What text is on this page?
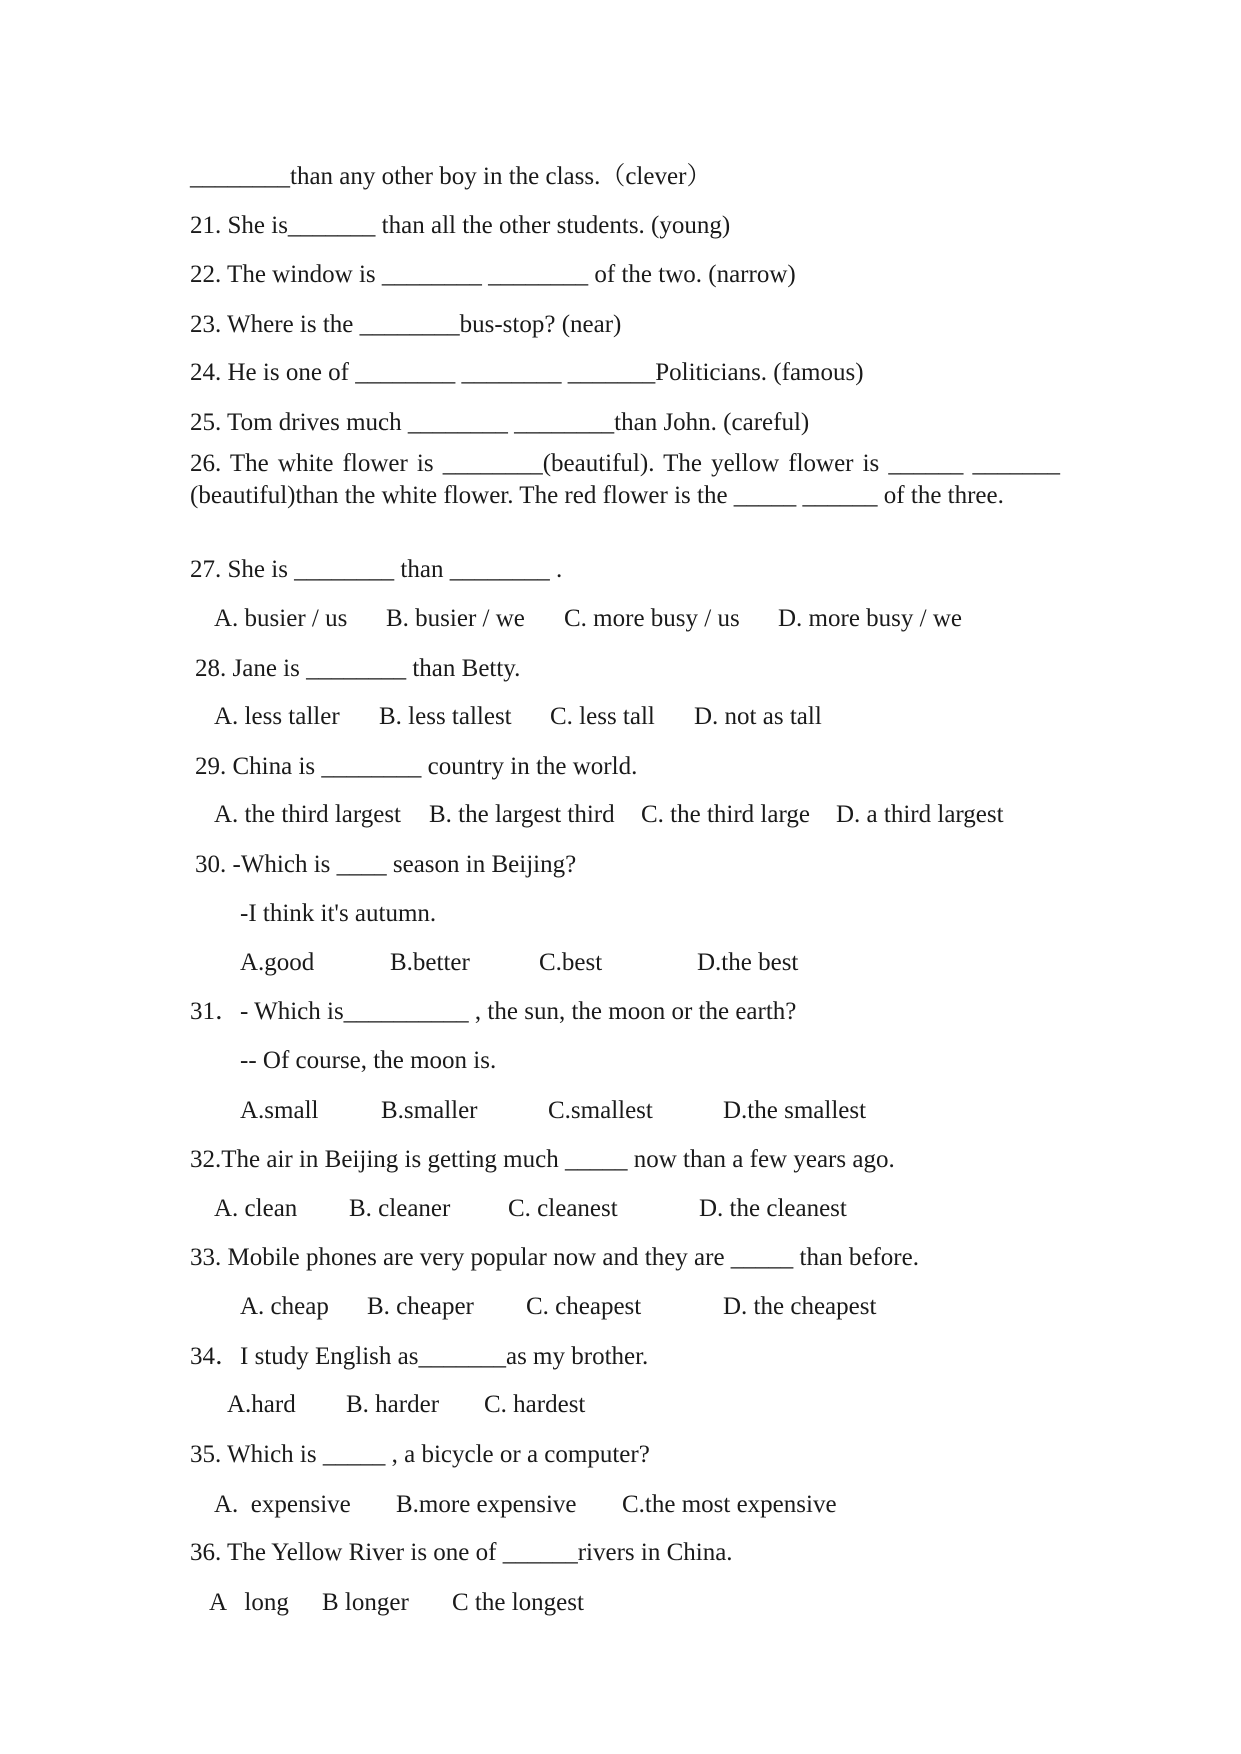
________than any other boy in the class.（clever）
21. She is_______ than all the other students. (young)
22. The window is ________ ________ of the two. (narrow)
23. Where is the ________bus-stop? (near)
24. He is one of ________ ________ _______Politicians. (famous)
25. Tom drives much ________ ________than John. (careful)
26. The white flower is ________(beautiful). The yellow flower is ______ _______
(beautiful)than the white flower. The red flower is the _____ ______ of the three.
27. She is ________ than ________ .
A. busier / us B. busier / we C. more busy / us D. more busy / we
28. Jane is ________ than Betty.
A. less taller B. less tallest C. less tall D. not as tall
29. China is ________ country in the world.
A. the third largest B. the largest third C. the third large D. a third largest
30. -Which is ____ season in Beijing?
-I think it's autumn.
A.good	B.better	C.best	D.the best
31． - Which is__________ , the sun, the moon or the earth?
-- Of course, the moon is.
A.small	B.smaller	C.smallest	D.the smallest
32.The air in Beijing is getting much _____ now than a few years ago.
A. clean B. cleaner C. cleanest	D. the cleanest
33. Mobile phones are very popular now and they are _____ than before.
A. cheap B. cheaper C. cheapest	D. the cheapest
34． I study English as_______as my brother.
A.hard B. harder C. hardest
35. Which is _____ , a bicycle or a computer?
A.  expensive B.more expensive C.the most expensive
36. The Yellow River is one of ______rivers in China.
A   long B longer C the longest
